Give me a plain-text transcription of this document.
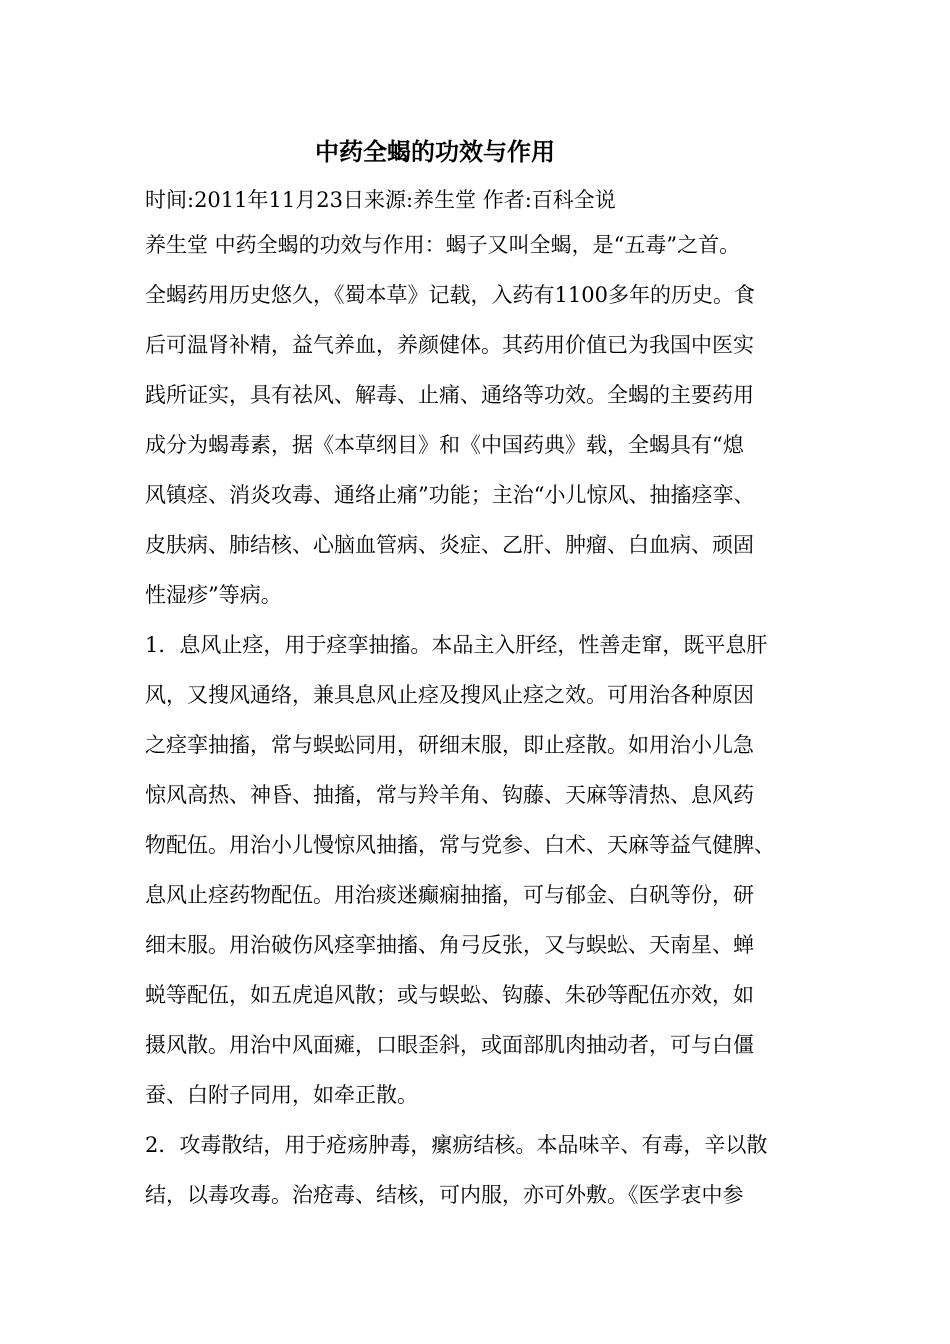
中药全蝎的功效与作用
时间:2011年11月23日来源:养生堂 作者:百科全说
养生堂 中药全蝎的功效与作用：蝎子又叫全蝎，是“五毒”之首。
全蝎药用历史悠久，《蜀本草》记载，入药有1100多年的历史。食
后可温肾补精，益气养血，养颜健体。其药用价值已为我国中医实
践所证实，具有祛风、解毒、止痛、通络等功效。全蝎的主要药用
成分为蝎毒素，据《本草纲目》和《中国药典》载，全蝎具有“熄
风镇痉、消炎攻毒、通络止痛”功能；主治“小儿惊风、抽搐痉挛、
皮肤病、肺结核、心脑血管病、炎症、乙肝、肿瘤、白血病、顽固
性湿疹”等病。
1．息风止痉，用于痉挛抽搐。本品主入肝经，性善走窜，既平息肝
风，又搜风通络，兼具息风止痉及搜风止痉之效。可用治各种原因
之痉挛抽搐，常与蜈蚣同用，研细末服，即止痉散。如用治小儿急
惊风高热、神昏、抽搐，常与羚羊角、钩藤、天麻等清热、息风药
物配伍。用治小儿慢惊风抽搐，常与党参、白术、天麻等益气健脾、
息风止痉药物配伍。用治痰迷癫痫抽搐，可与郁金、白矾等份，研
细末服。用治破伤风痉挛抽搐、角弓反张，又与蜈蚣、天南星、蝉
蜕等配伍，如五虎追风散；或与蜈蚣、钩藤、朱砂等配伍亦效，如
摄风散。用治中风面瘫，口眼歪斜，或面部肌肉抽动者，可与白僵
蚕、白附子同用，如牵正散。
2．攻毒散结，用于疮疡肿毒，瘰疬结核。本品味辛、有毒，辛以散
结，以毒攻毒。治疮毒、结核，可内服，亦可外敷。《医学衷中参
